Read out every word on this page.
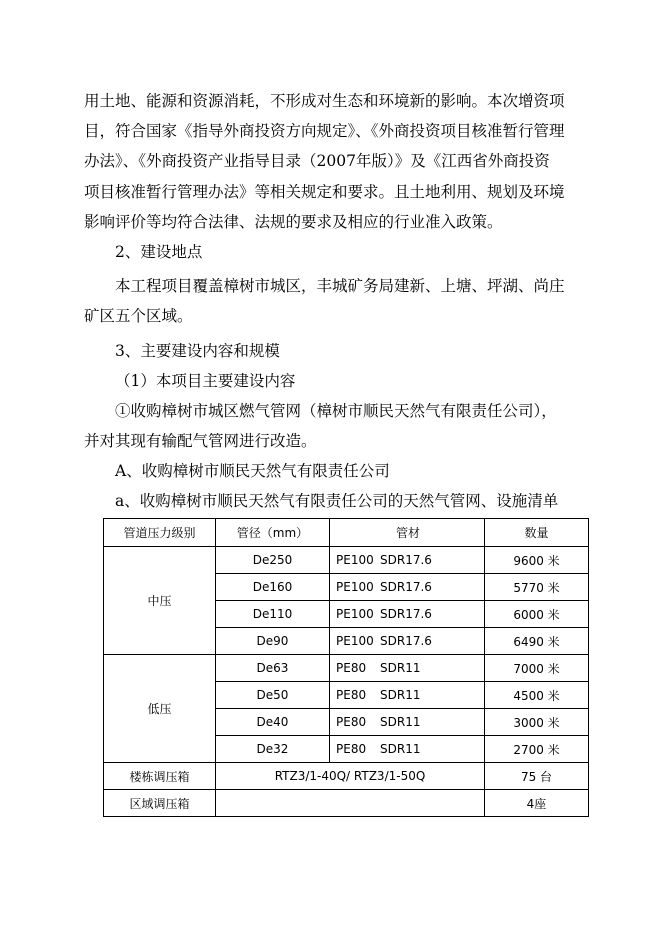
用土地、能源和资源消耗，不形成对生态和环境新的影响。本次增资项
目，符合国家《指导外商投资方向规定》、《外商投资项目核准暂行管理
办法》、《外商投资产业指导目录（2007年版）》及《江西省外商投资
项目核准暂行管理办法》等相关规定和要求。且土地利用、规划及环境
影响评价等均符合法律、法规的要求及相应的行业准入政策。
2、建设地点
本工程项目覆盖樟树市城区，丰城矿务局建新、上塘、坪湖、尚庄
矿区五个区域。
3、主要建设内容和规模
（1）本项目主要建设内容
①收购樟树市城区燃气管网（樟树市顺民天然气有限责任公司），
并对其现有输配气管网进行改造。
A、收购樟树市顺民天然气有限责任公司
a、收购樟树市顺民天然气有限责任公司的天然气管网、设施清单
管道压力级别	管径（mm）	管材	数量
中压	De250	PE100 SDR17.6	9600 米
	De160	PE100 SDR17.6	5770 米
	De110	PE100 SDR17.6	6000 米
	De90	PE100 SDR17.6	6490 米
低压	De63	PE80 SDR11	7000 米
	De50	PE80 SDR11	4500 米
	De40	PE80 SDR11	3000 米
	De32	PE80 SDR11	2700 米
楼栋调压箱	RTZ3/1-40Q/ RTZ3/1-50Q		75 台
区域调压箱			4座
